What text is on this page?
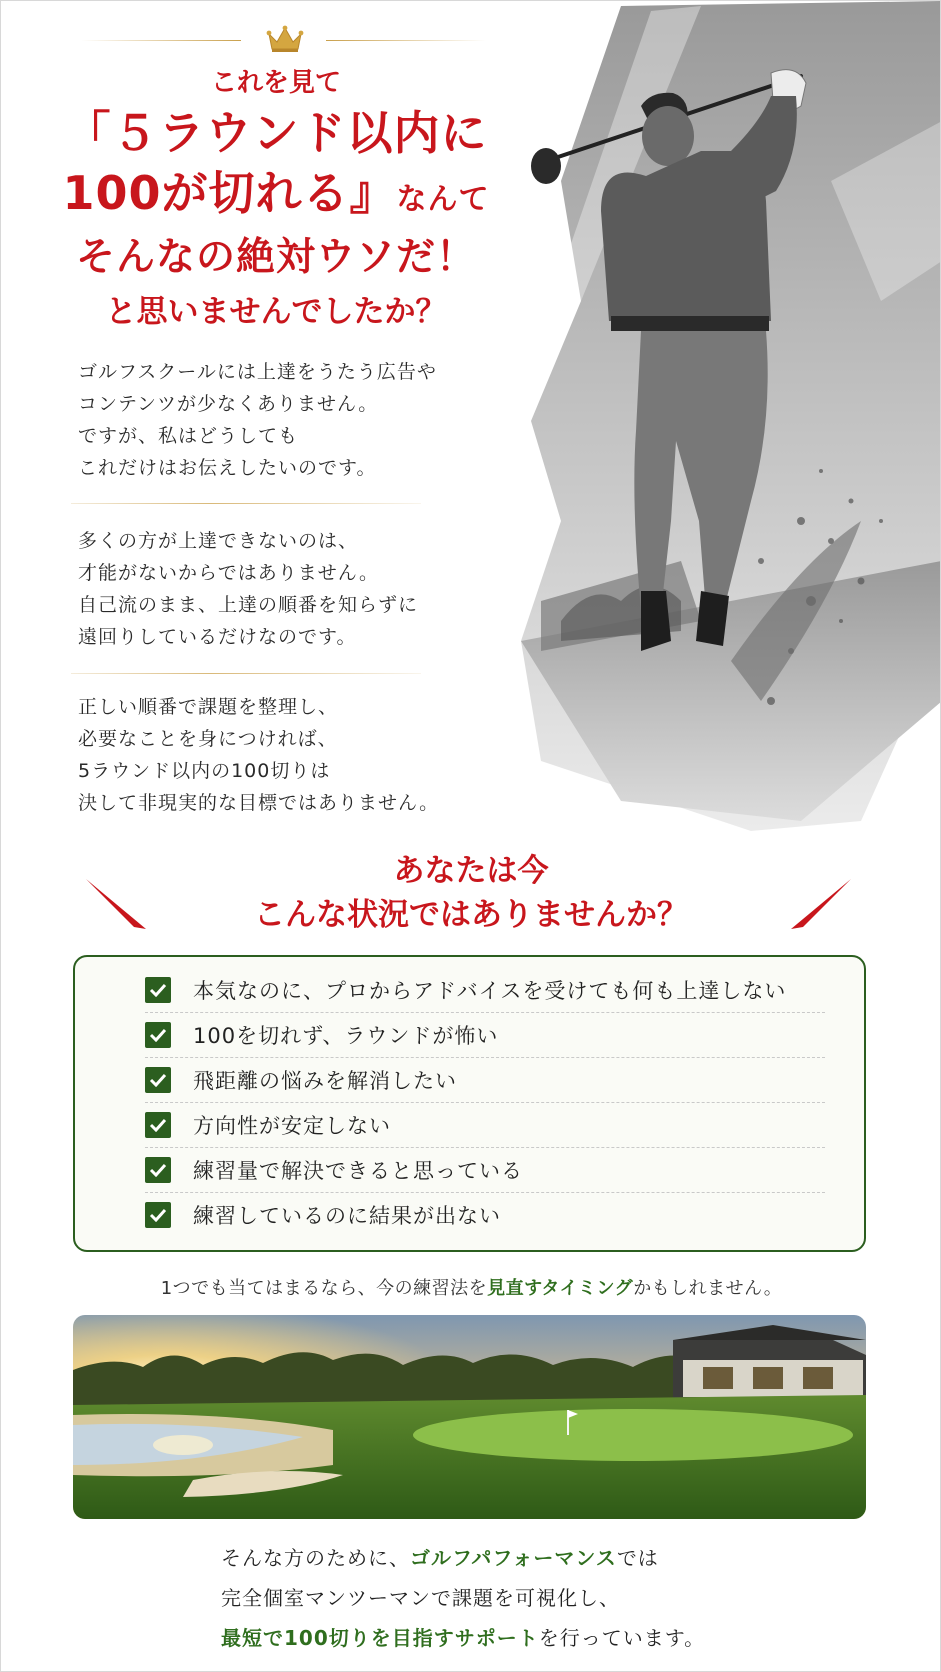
これを見て
「５ラウンド以内に
100が切れる』なんて
そんなの絶対ウソだ！
と思いませんでしたか？

ゴルフスクールには上達をうたう広告や

コンテンツが少なくありません。

ですが、私はどうしても

これだけはお伝えしたいのです。

多くの方が上達できないのは、

才能がないからではありません。

自己流のまま、上達の順番を知らずに

遠回りしているだけなのです。

正しい順番で課題を整理し、

必要なことを身につければ、

5ラウンド以内の100切りは

決して非現実的な目標ではありません。

あなたは今
こんな状況ではありませんか？
本気なのに、プロからアドバイスを受けても何も上達しない
100を切れず、ラウンドが怖い
飛距離の悩みを解消したい
方向性が安定しない
練習量で解決できると思っている
練習しているのに結果が出ない
1つでも当てはまるなら、今の練習法を見直すタイミングかもしれません。

そんな方のために、ゴルフパフォーマンスでは

完全個室マンツーマンで課題を可視化し、

最短で100切りを目指すサポートを行っています。
